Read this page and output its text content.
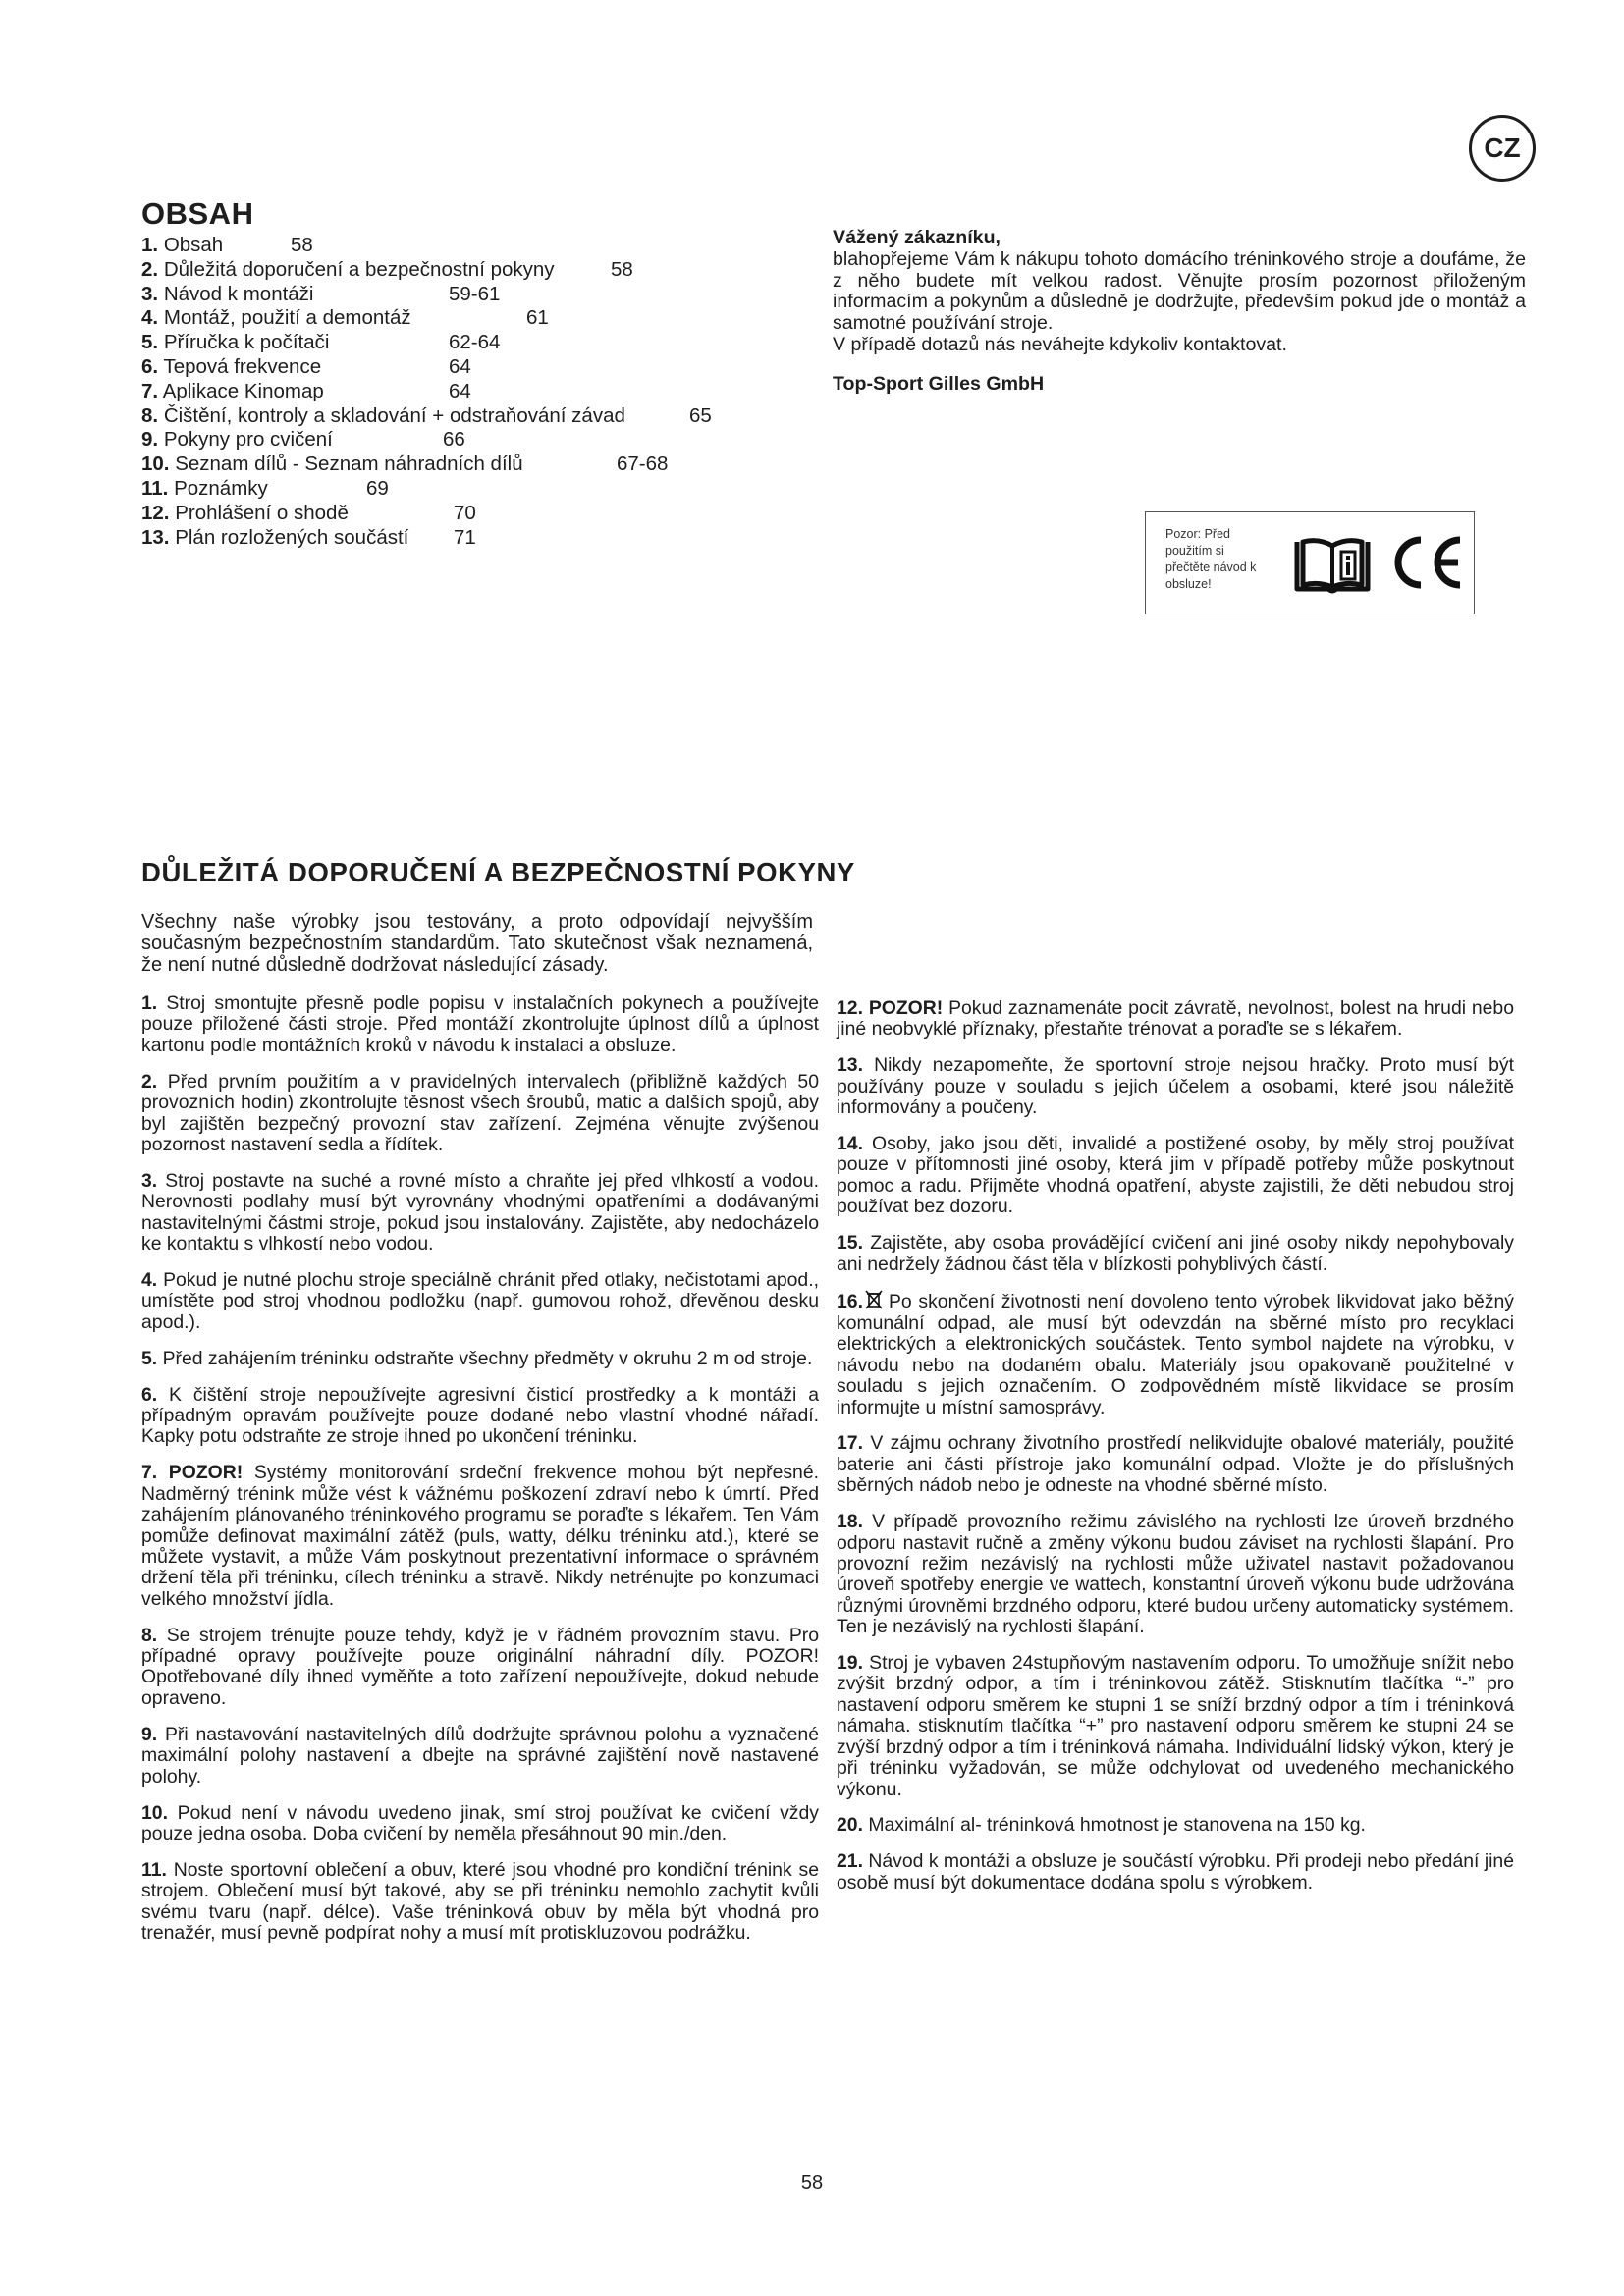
CZ
OBSAH
1. Obsah	58
2. Důležitá doporučení a bezpečnostní pokyny	58
3. Návod k montáži	59-61
4. Montáž, použití a demontáž	61
5. Příručka k počítači	62-64
6. Tepová frekvence	64
7. Aplikace Kinomap	64
8. Čištění, kontroly a skladování + odstraňování závad	65
9. Pokyny pro cvičení	66
10. Seznam dílů - Seznam náhradních dílů	67-68
11. Poznámky	69
12. Prohlášení o shodě	70
13. Plán rozložených součástí 71
Vážený zákazníku,
blahopřejeme Vám k nákupu tohoto domácího tréninkového stroje a doufáme, že z něho budete mít velkou radost. Věnujte prosím pozornost přiloženým informacím a pokynům a důsledně je dodržujte, především pokud jde o montáž a samotné používání stroje.
V případě dotazů nás neváhejte kdykoliv kontaktovat.
Top-Sport Gilles GmbH
Pozor: Před
použitím si
přečtěte návod k
obsluze!
DŮLEŽITÁ DOPORUČENÍ A BEZPEČNOSTNÍ POKYNY
Všechny naše výrobky jsou testovány, a proto odpovídají nejvyšším současným bezpečnostním standardům. Tato skutečnost však neznamená, že není nutné důsledně dodržovat následující zásady.
1. Stroj smontujte přesně podle popisu v instalačních pokynech a používejte pouze přiložené části stroje. Před montáží zkontrolujte úplnost dílů a úplnost kartonu podle montážních kroků v návodu k instalaci a obsluze.
2. Před prvním použitím a v pravidelných intervalech (přibližně každých 50 provozních hodin) zkontrolujte těsnost všech šroubů, matic a dalších spojů, aby byl zajištěn bezpečný provozní stav zařízení. Zejména věnujte zvýšenou pozornost nastavení sedla a řídítek.
3. Stroj postavte na suché a rovné místo a chraňte jej před vlhkostí a vodou. Nerovnosti podlahy musí být vyrovnány vhodnými opatřeními a dodávanými nastavitelnými částmi stroje, pokud jsou instalovány. Zajistěte, aby nedocházelo ke kontaktu s vlhkostí nebo vodou.
4. Pokud je nutné plochu stroje speciálně chránit před otlaky, nečistotami apod., umístěte pod stroj vhodnou podložku (např. gumovou rohož, dřevěnou desku apod.).
5. Před zahájením tréninku odstraňte všechny předměty v okruhu 2 m od stroje.
6. K čištění stroje nepoužívejte agresivní čisticí prostředky a k montáži a případným opravám používejte pouze dodané nebo vlastní vhodné nářadí. Kapky potu odstraňte ze stroje ihned po ukončení tréninku.
7. POZOR! Systémy monitorování srdeční frekvence mohou být nepřesné. Nadměrný trénink může vést k vážnému poškození zdraví nebo k úmrtí. Před zahájením plánovaného tréninkového programu se poraďte s lékařem. Ten Vám pomůže definovat maximální zátěž (puls, watty, délku tréninku atd.), které se můžete vystavit, a může Vám poskytnout prezentativní informace o správném držení těla při tréninku, cílech tréninku a stravě. Nikdy netrénujte po konzumaci velkého množství jídla.
8. Se strojem trénujte pouze tehdy, když je v řádném provozním stavu. Pro případné opravy používejte pouze originální náhradní díly. POZOR! Opotřebované díly ihned vyměňte a toto zařízení nepoužívejte, dokud nebude opraveno.
9. Při nastavování nastavitelných dílů dodržujte správnou polohu a vyznačené maximální polohy nastavení a dbejte na správné zajištění nově nastavené polohy.
10. Pokud není v návodu uvedeno jinak, smí stroj používat ke cvičení vždy pouze jedna osoba. Doba cvičení by neměla přesáhnout 90 min./den.
11. Noste sportovní oblečení a obuv, které jsou vhodné pro kondiční trénink se strojem. Oblečení musí být takové, aby se při tréninku nemohlo zachytit kvůli svému tvaru (např. délce). Vaše tréninková obuv by měla být vhodná pro trenažér, musí pevně podpírat nohy a musí mít protiskluzovou podrážku.
12. POZOR! Pokud zaznamenáte pocit závratě, nevolnost, bolest na hrudi nebo jiné neobvyklé příznaky, přestaňte trénovat a poraďte se s lékařem.
13. Nikdy nezapomeňte, že sportovní stroje nejsou hračky. Proto musí být používány pouze v souladu s jejich účelem a osobami, které jsou náležitě informovány a poučeny.
14. Osoby, jako jsou děti, invalidé a postižené osoby, by měly stroj používat pouze v přítomnosti jiné osoby, která jim v případě potřeby může poskytnout pomoc a radu. Přijměte vhodná opatření, abyste zajistili, že děti nebudou stroj používat bez dozoru.
15. Zajistěte, aby osoba provádějící cvičení ani jiné osoby nikdy nepohybovaly ani nedržely žádnou část těla v blízkosti pohyblivých částí.
16. Po skončení životnosti není dovoleno tento výrobek likvidovat jako běžný komunální odpad, ale musí být odevzdán na sběrné místo pro recyklaci elektrických a elektronických součástek. Tento symbol najdete na výrobku, v návodu nebo na dodaném obalu. Materiály jsou opakovaně použitelné v souladu s jejich označením. O zodpovědném místě likvidace se prosím informujte u místní samosprávy.
17. V zájmu ochrany životního prostředí nelikvidujte obalové materiály, použité baterie ani části přístroje jako komunální odpad. Vložte je do příslušných sběrných nádob nebo je odneste na vhodné sběrné místo.
18. V případě provozního režimu závislého na rychlosti lze úroveň brzdného odporu nastavit ručně a změny výkonu budou záviset na rychlosti šlapání. Pro provozní režim nezávislý na rychlosti může uživatel nastavit požadovanou úroveň spotřeby energie ve wattech, konstantní úroveň výkonu bude udržována různými úrovněmi brzdného odporu, které budou určeny automaticky systémem. Ten je nezávislý na rychlosti šlapání.
19. Stroj je vybaven 24stupňovým nastavením odporu. To umožňuje snížit nebo zvýšit brzdný odpor, a tím i tréninkovou zátěž. Stisknutím tlačítka “-” pro nastavení odporu směrem ke stupni 1 se sníží brzdný odpor a tím i tréninková námaha. stisknutím tlačítka “+” pro nastavení odporu směrem ke stupni 24 se zvýší brzdný odpor a tím i tréninková námaha. Individuální lidský výkon, který je při tréninku vyžadován, se může odchylovat od uvedeného mechanického výkonu.
20. Maximální al- tréninková hmotnost je stanovena na 150 kg.
21. Návod k montáži a obsluze je součástí výrobku. Při prodeji nebo předání jiné osobě musí být dokumentace dodána spolu s výrobkem.
58
